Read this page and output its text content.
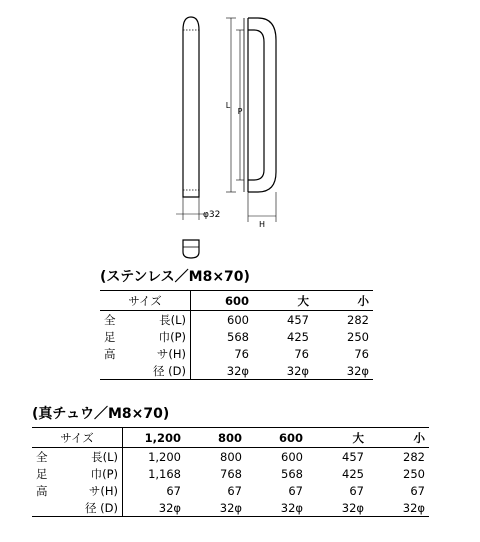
φ32
L
P
H
(ステンレス／M8×70)
サイズ	600	大	小

全 長(L)	600	457	282

足 巾(P)	568	425	250

高 サ(H)	76	76	76

径 (D)	32φ	32φ	32φ
(真チュウ／M8×70)
サイズ	1,200	800	600	大	小

全 長(L)	1,200	800	600	457	282

足 巾(P)	1,168	768	568	425	250

高 サ(H)	67	67	67	67	67

径 (D)	32φ	32φ	32φ	32φ	32φ
